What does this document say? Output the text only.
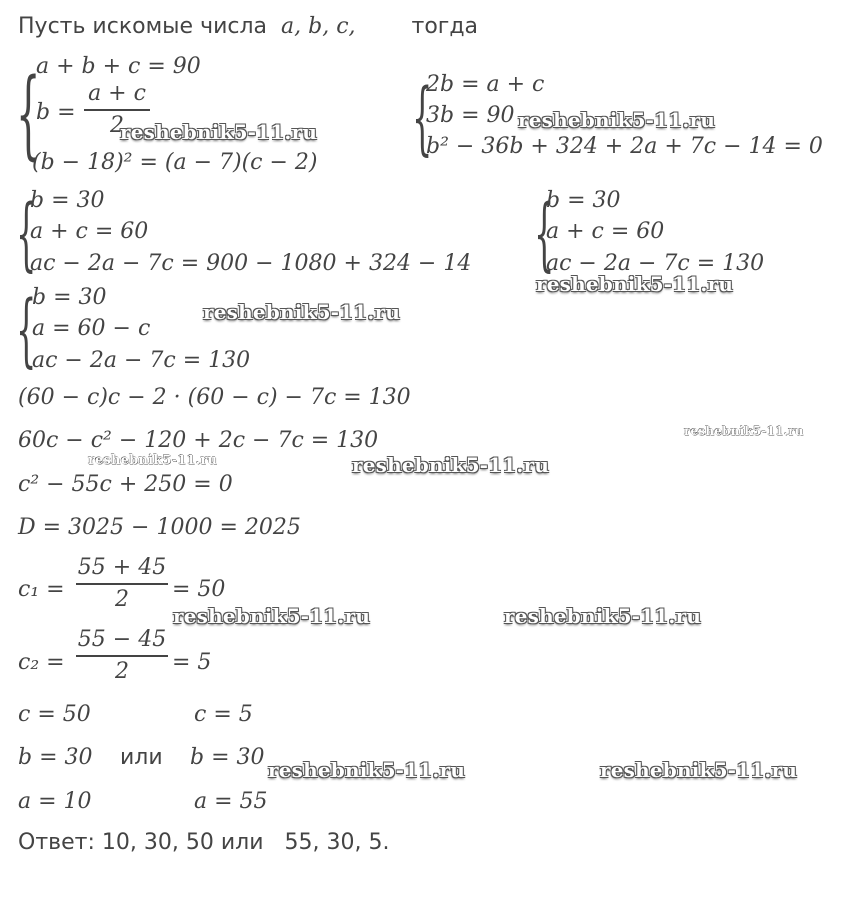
Пусть искомые числа a, b, c,	тогда
{
a + b + c = 90
b =
a + c
2
(b − 18)² = (a − 7)(c − 2) {
2b = a + c
3b = 90
b² − 36b + 324 + 2a + 7c − 14 = 0
{
b = 30
a + c = 60
ac − 2a − 7c = 900 − 1080 + 324 − 14 {
b = 30
a + c = 60
ac − 2a − 7c = 130
{
b = 30
a = 60 − c
ac − 2a − 7c = 130
(60 − c)c − 2 · (60 − c) − 7c = 130
60c − c² − 120 + 2c − 7c = 130
c² − 55c + 250 = 0
D = 3025 − 1000 = 2025
c₁ =
55 + 45
2	= 50
c₂ =
55 − 45
2	= 5
c = 50	c = 5
b = 30 или b = 30
a = 10	a = 55
Ответ: 10, 30, 50 или 55, 30, 5.
reshebnik5-11.ru	reshebnik5-11.ru
reshebnik5-11.ru
reshebnik5-11.ru
reshebnik5-11.ru
reshebnik5-11.ru	reshebnik5-11.ru
reshebnik5-11.ru	reshebnik5-11.ru
reshebnik5-11.ru	reshebnik5-11.ru
